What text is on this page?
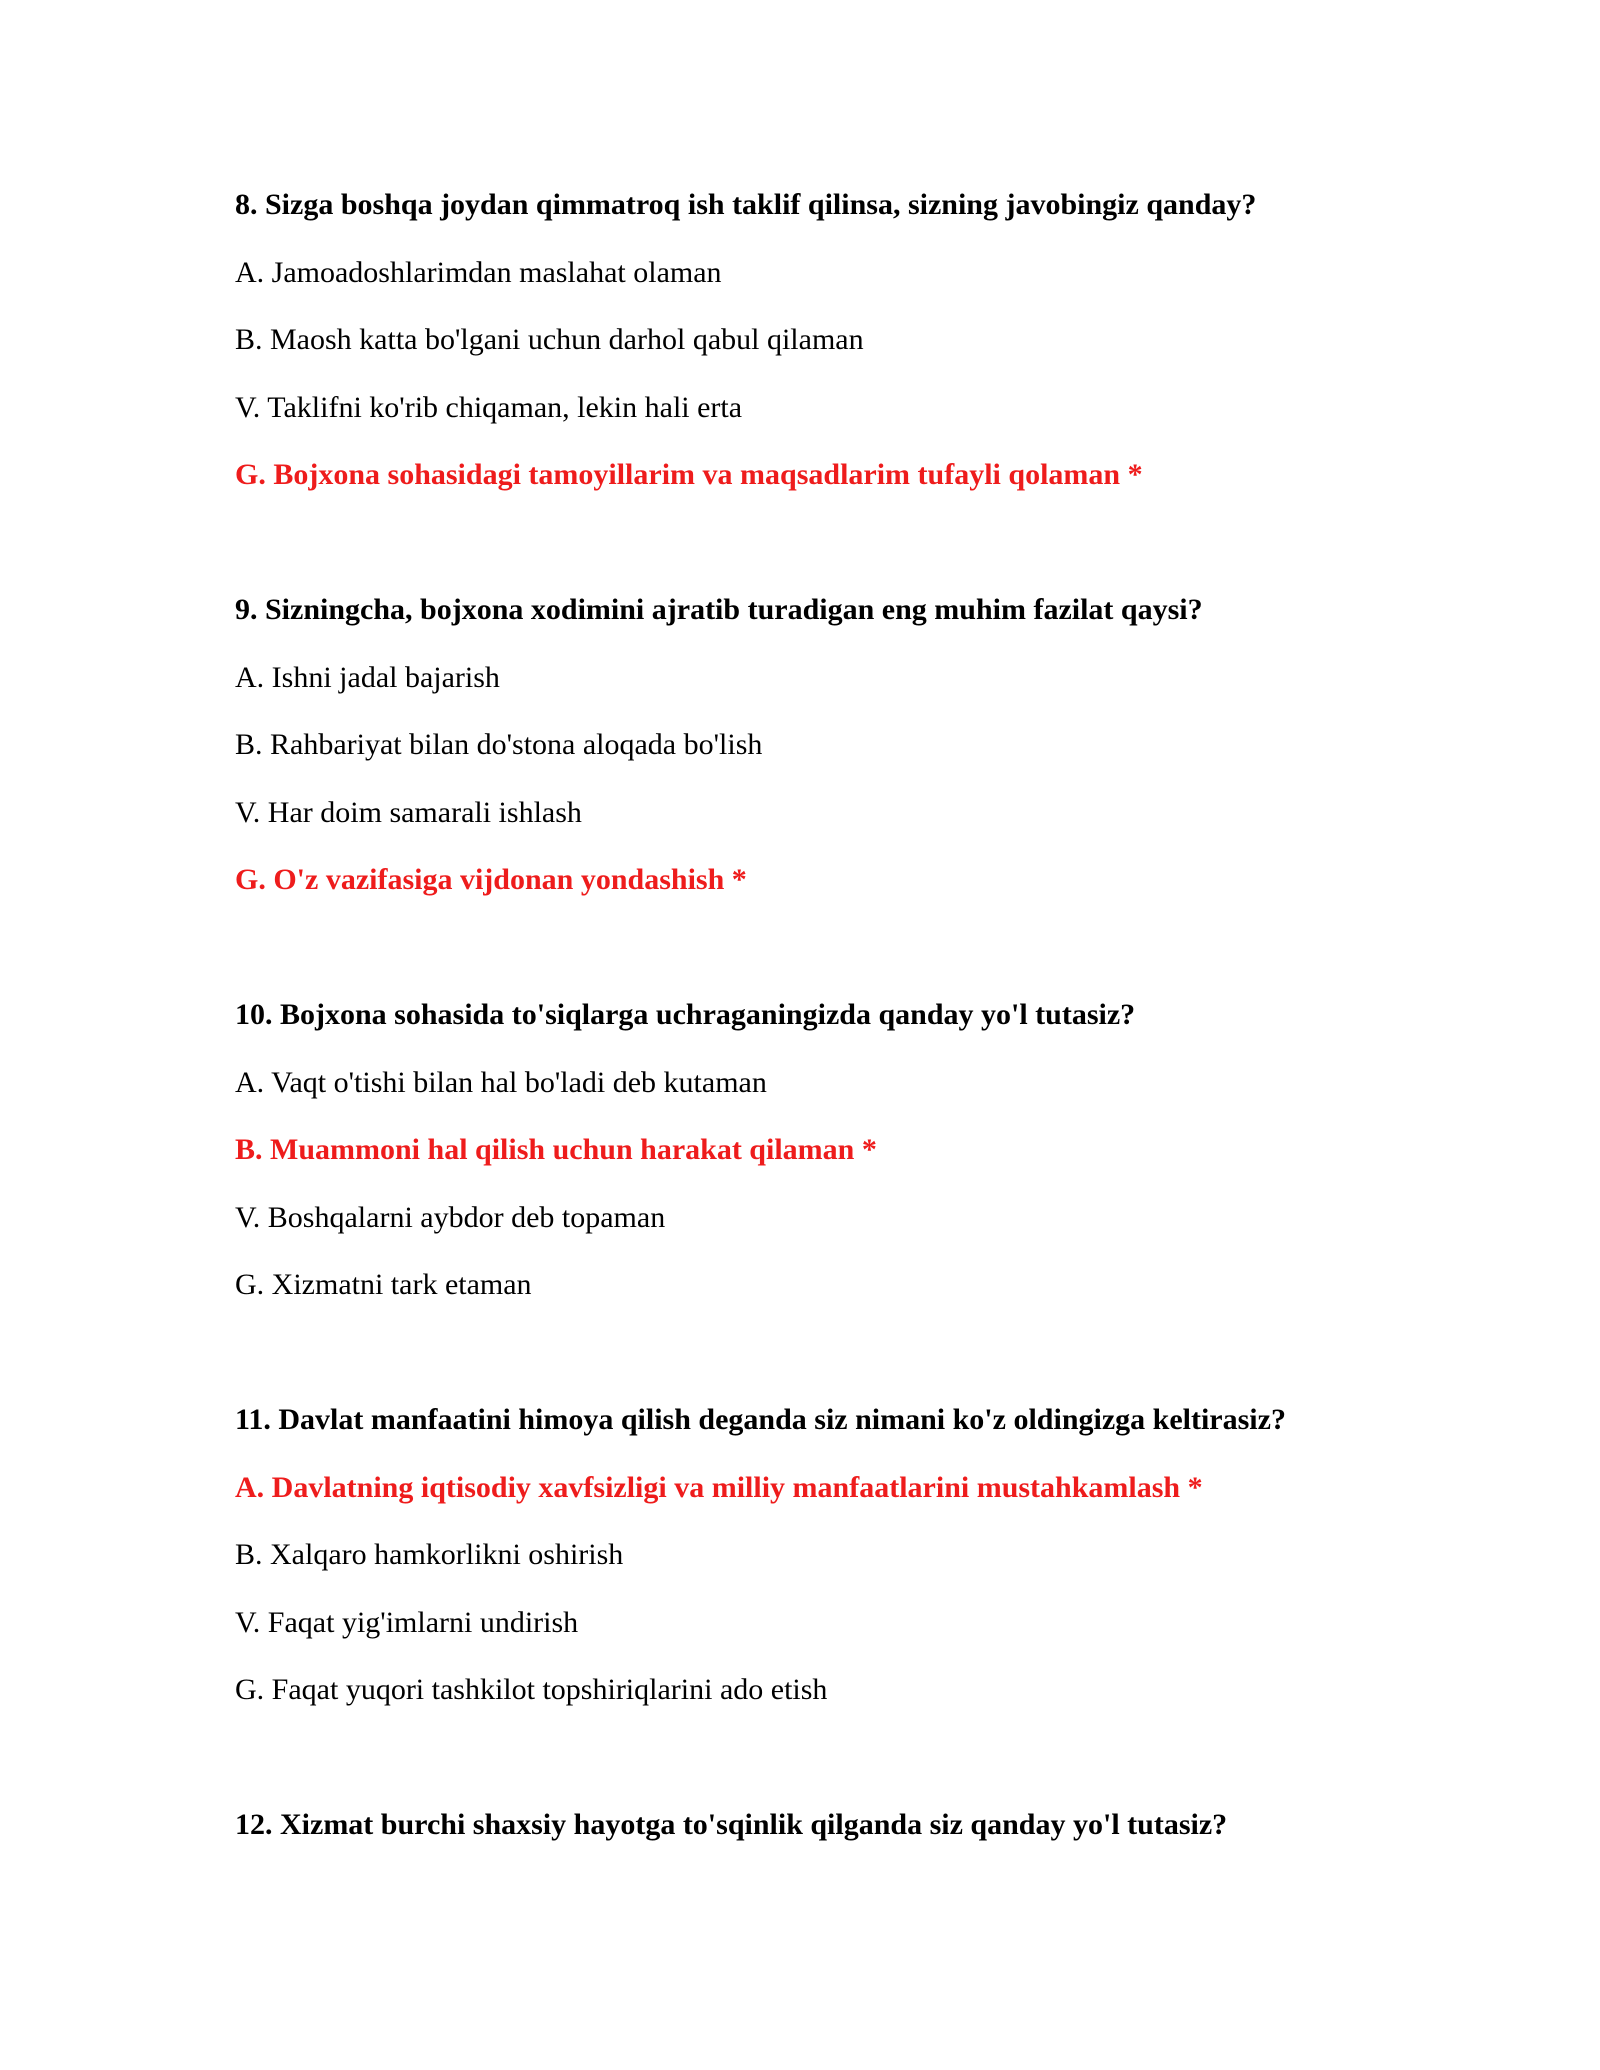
8. Sizga boshqa joydan qimmatroq ish taklif qilinsa, sizning javobingiz qanday?
A. Jamoadoshlarimdan maslahat olaman
B. Maosh katta bo'lgani uchun darhol qabul qilaman
V. Taklifni ko'rib chiqaman, lekin hali erta
G. Bojxona sohasidagi tamoyillarim va maqsadlarim tufayli qolaman *
9. Sizningcha, bojxona xodimini ajratib turadigan eng muhim fazilat qaysi?
A. Ishni jadal bajarish
B. Rahbariyat bilan do'stona aloqada bo'lish
V. Har doim samarali ishlash
G. O'z vazifasiga vijdonan yondashish *
10. Bojxona sohasida to'siqlarga uchraganingizda qanday yo'l tutasiz?
A. Vaqt o'tishi bilan hal bo'ladi deb kutaman
B. Muammoni hal qilish uchun harakat qilaman *
V. Boshqalarni aybdor deb topaman
G. Xizmatni tark etaman
11. Davlat manfaatini himoya qilish deganda siz nimani ko'z oldingizga keltirasiz?
A. Davlatning iqtisodiy xavfsizligi va milliy manfaatlarini mustahkamlash *
B. Xalqaro hamkorlikni oshirish
V. Faqat yig'imlarni undirish
G. Faqat yuqori tashkilot topshiriqlarini ado etish
12. Xizmat burchi shaxsiy hayotga to'sqinlik qilganda siz qanday yo'l tutasiz?
